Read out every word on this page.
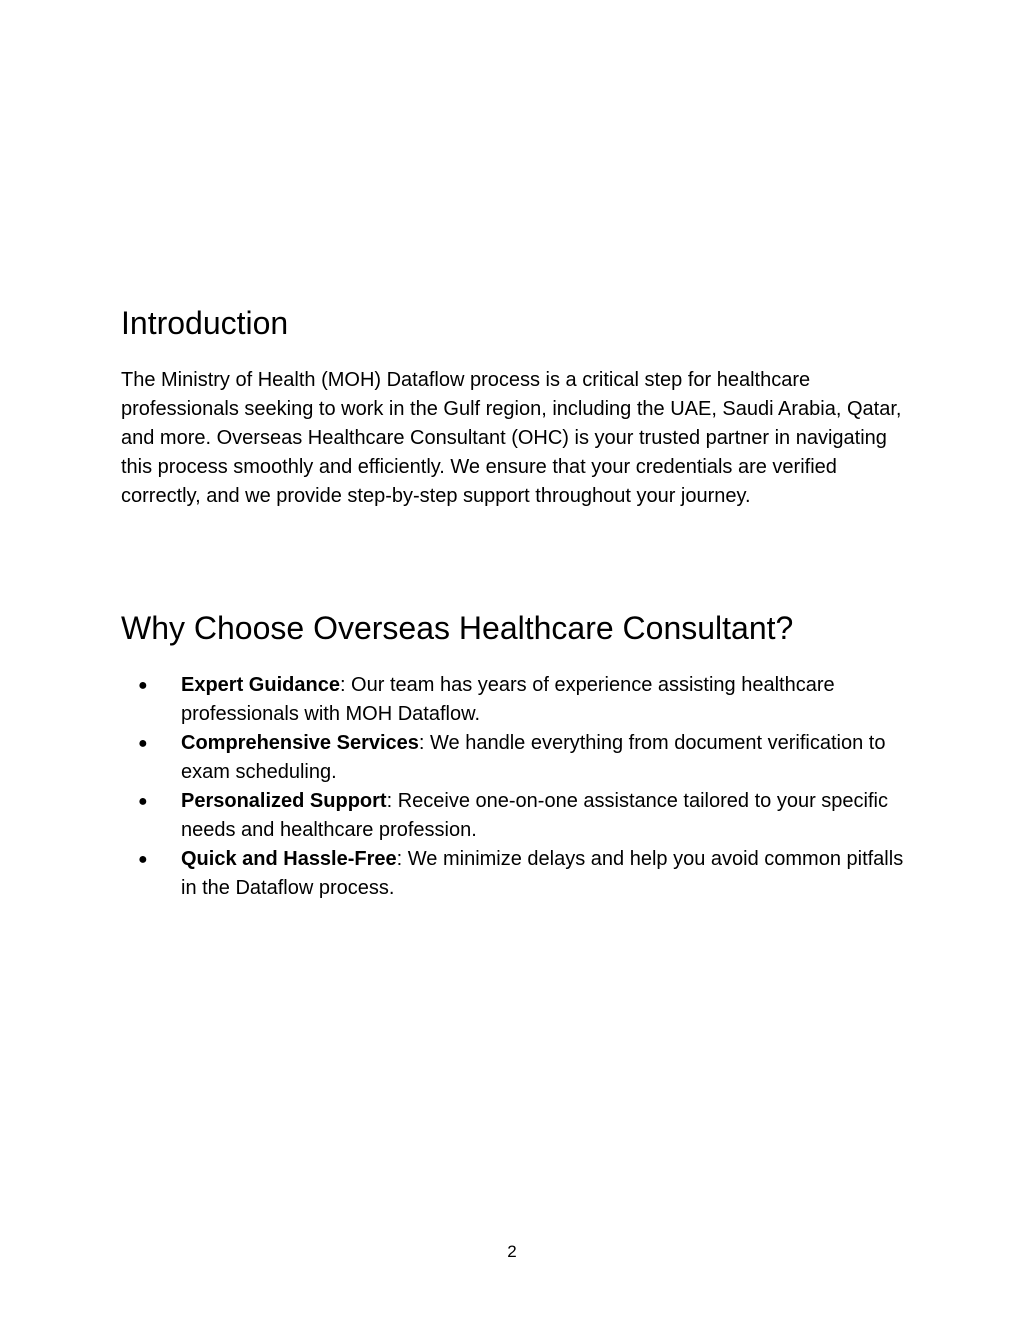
Introduction

The Ministry of Health (MOH) Dataflow process is a critical step for healthcare professionals seeking to work in the Gulf region, including the UAE, Saudi Arabia, Qatar, and more. Overseas Healthcare Consultant (OHC) is your trusted partner in navigating this process smoothly and efficiently. We ensure that your credentials are verified correctly, and we provide step-by-step support throughout your journey.

Why Choose Overseas Healthcare Consultant?
● Expert Guidance: Our team has years of experience assisting healthcare professionals with MOH Dataflow.
● Comprehensive Services: We handle everything from document verification to exam scheduling.
● Personalized Support: Receive one-on-one assistance tailored to your specific needs and healthcare profession.
● Quick and Hassle-Free: We minimize delays and help you avoid common pitfalls in the Dataflow process.
2
